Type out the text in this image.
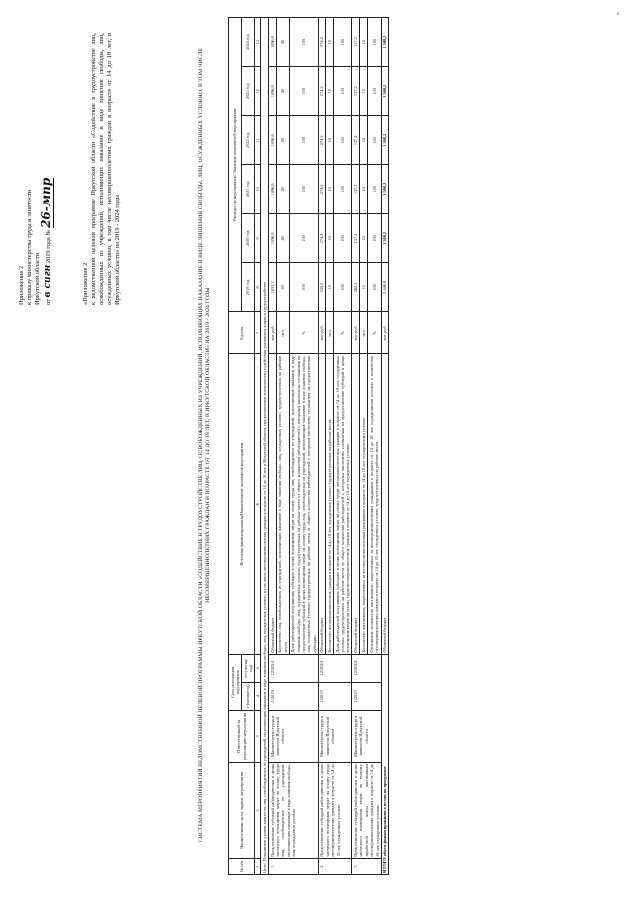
Приложение 2 к приказу министерства труда и занятости Иркутской области от в сигн 2019 года № 26-мпр
«Приложение 2 к ведомственной целевой программе Иркутской области «Содействие в трудоустройстве лиц, освобожденных из учреждений, исполняющих наказание в виде лишения свободы, лиц, осужденных условно, в том числе несовершеннолетних граждан в возрасте от 14 до 18 лет, в Иркутской области» на 2019 - 2024 годы	СИСТЕМА МЕРОПРИЯТИЙ ВЕДОМСТВЕННОЙ ЦЕЛЕВОЙ ПРОГРАММЫ ИРКУТСКОЙ ОБЛАСТИ «СОДЕЙСТВИЕ В ТРУДОУСТРОЙСТВЕ ЛИЦ, ОСВОБОЖДЕННЫХ ИЗ УЧРЕЖДЕНИЙ, ИСПОЛНЯЮЩИХ НАКАЗАНИЕ В ВИДЕ ЛИШЕНИЯ СВОБОДЫ, ЛИЦ, ОСУЖДЕННЫХ УСЛОВНО, В ТОМ ЧИСЛЕ НЕСОВЕРШЕННОЛЕТНИХ ГРАЖДАН В ВОЗРАСТЕ ОТ 14 ДО 18 ЛЕТ, В ИРКУТСКОЙ ОБЛАСТИ» НА 2019 - 2024 ГОДЫ
№ п/п	Наименование цели, задачи, мероприятия	Ответственный за реализацию мероприятия	Срок реализации мероприятия		Источник финансирования/Наименование показателя мероприятия	Ед.изм.	Расходы на мероприятие/ Значения показателей мероприятия					
			с (месяц/год)	по (месяц/год)			2019 год	2020 год	2021 год	2022 год	2023 год	2024 год
1	2	3	4	5	6	7	8	9	10	11	12	13
Цель: Повышение уровня занятости лиц, освобожденных из учреждений, исполняющих наказание в виде лишения свободы, лиц, осужденных условно, в том числе несовершеннолетних граждан в возрасте от 14 до 18 лет, в Иркутской области, предоставление возможности содействия указанным лицам в трудоустройстве												
1	Предоставление субсидий работодателям в целях частичного возмещения затрат на оплату труда лиц, освобожденных из учреждений, исполняющих наказание в виде лишения свободы, лиц, осужденных условно	Министерство труда и занятости Иркутской области	1/2019	12/2024	Областной бюджет	тыс.руб.	1653,3	1096,8	1096,8	1096,8	1096,8	1096,8
					Количество лиц, освобожденных из учреждений, исполняющих наказание в виде лишения свободы, лиц, осужденных условно, трудоустроенных на рабочие места	чел.	50	40	40	40	40	40
					Доля работодателей получивших субсидии в целях возмещения затрат на оплату труда лиц, освобожденных из учреждений, исполняющих наказание в виде лишения свободы, лиц, осужденных условно, трудоустроенных на рабочие места от общего количества работодателей с которыми заключены соглашения на предоставление субсидий в целях возмещения затрат на оплату труда лиц, освобожденных из учреждений, исполняющих наказание в виде лишения свободы, лиц, осужденных условно, трудоустроенных на рабочие места от общего количества работодателей с которыми заключены соглашения на предоставление субсидии	%	100	100	100	100	100	100
2	Предоставление субсидий работодателям в целях частичного возмещения затрат на оплату труда несовершеннолетних граждан в возрасте от 14 до 18 лет, осужденных условно	Министерство труда и занятости Иркутской области	1/2019	12/2024	Областной бюджет	тыс.руб.	535,0	274,2	274,2	274,2	274,2	274,2
					Количество несовершеннолетних граждан в возрасте от 14 до 18 лет, осужденных условно, трудоустроенных на рабочие места	чел.	15	10	10	10	10	10
					Доля работодателей получивших субсидию в целях возмещения затрат на оплату труда несовершеннолетних граждан в возрасте от 14 до 18 лет, осужденных условно, трудоустроенных на рабочие места от общего количества работодателей с которыми заключены соглашения на предоставление субсидий в целях возмещения затрат на оплату труда несовершеннолетних граждан в возрасте от 14 до 18 лет, осужденных условно	%	100	100	100	100	100	100
3	Предоставление субсидий работодателям в целях частичного возмещения затрат на выплату заработной платы наставникам несовершеннолетних граждан в возрасте от 14 до 18 лет, осужденных условно	Министерство труда и занятости Иркутской области	1/2019	12/2024	Областной бюджет	тыс.руб.	262,5	137,2	137,2	137,2	137,2	137,2
					Количество наставников, закрепленных за несовершеннолетними гражданами в возрасте от 14 до 18 лет, осужденными условно	чел.	15	10	10	10	10	10
					Отношение количества наставников, закрепленных за несовершеннолетними гражданами в возрасте от 14 до 18 лет, осужденными условно к количеству несовершеннолетних граждан в возрасте от 14 до 18 лет, осужденных условно, трудоустроенных на рабочие места	%	100	100	100	100	100	100
ИТОГО объем финансирования в целом по программе					Областной бюджет	тыс.руб.	2 446,8	1 508,2	1 508,2	1 508,2	1 508,2	1 508,2
».
